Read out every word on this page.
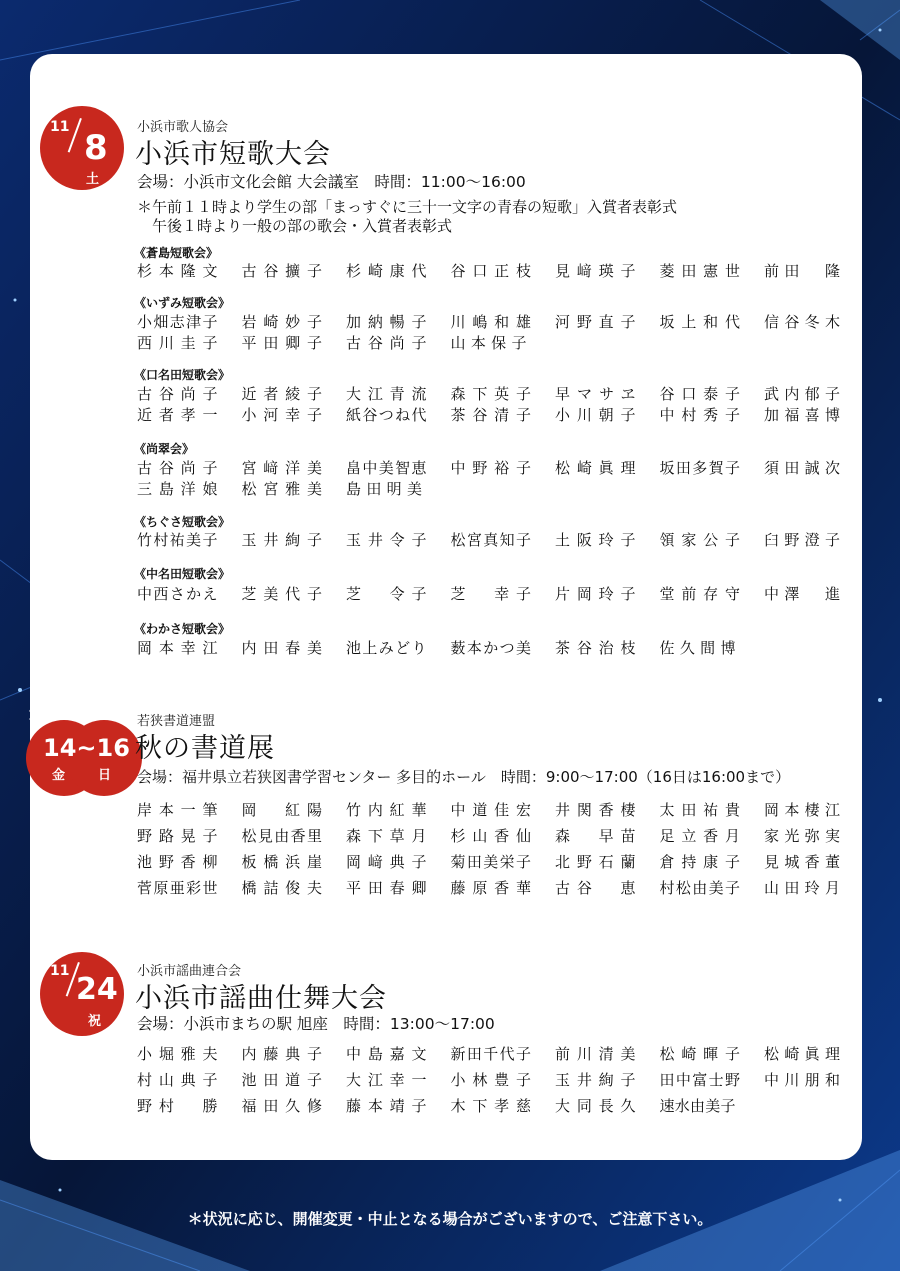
11
8
土
小浜市歌人協会
小浜市短歌大会
会場：小浜市文化会館 大会議室　時間：11:00〜16:00
＊午前１１時より学生の部「まっすぐに三十一文字の青春の短歌」入賞者表彰式
　午後１時より一般の部の歌会・入賞者表彰式
《蒼島短歌会》
杉本隆文	古谷擴子	杉崎康代	谷口正枝	見﨑瑛子	菱田憲世	前田　隆
《いずみ短歌会》
小畑志津子	岩崎妙子	加納暢子	川嶋和雄	河野直子	坂上和代	信谷冬木
西川圭子	平田卿子	古谷尚子	山本保子
《口名田短歌会》
古谷尚子	近者綾子	大江青流	森下英子	早マサヱ	谷口泰子	武内郁子
近者孝一	小河幸子	紙谷つね代	茶谷清子	小川朝子	中村秀子	加福喜博
《尚翠会》
古谷尚子	宮﨑洋美	畠中美智恵	中野裕子	松崎眞理	坂田多賀子	須田誠次
三島洋娘	松宮雅美	島田明美
《ちぐさ短歌会》
竹村祐美子	玉井絢子	玉井令子	松宮真知子	土阪玲子	領家公子	臼野澄子
《中名田短歌会》
中西さかえ	芝美代子	芝　令子	芝　幸子	片岡玲子	堂前存守	中澤　進
《わかさ短歌会》
岡本幸江	内田春美	池上みどり	薮本かつ美	茶谷治枝	佐久間博
11
14~16
金	日
若狭書道連盟
秋の書道展
会場：福井県立若狭図書学習センター 多目的ホール　時間：9:00〜17:00（16日は16:00まで）
岸本一筆	岡　紅陽	竹内紅華	中道佳宏	井関香棲	太田祐貴	岡本棲江
野路晃子	松見由香里	森下草月	杉山香仙	森　早苗	足立香月	家光弥実
池野香柳	板橋浜崖	岡﨑典子	菊田美栄子	北野石蘭	倉持康子	見城香董
菅原亜彩世	橋詰俊夫	平田春卿	藤原香華	古谷　恵	村松由美子	山田玲月
11
24
祝
小浜市謡曲連合会
小浜市謡曲仕舞大会
会場：小浜市まちの駅 旭座　時間：13:00〜17:00
小堀雅夫	内藤典子	中島嘉文	新田千代子	前川清美	松崎暉子	松崎眞理
村山典子	池田道子	大江幸一	小林豊子	玉井絢子	田中富士野	中川朋和
野村　勝	福田久修	藤本靖子	木下孝慈	大同長久	速水由美子
＊状況に応じ、開催変更・中止となる場合がございますので、ご注意下さい。
